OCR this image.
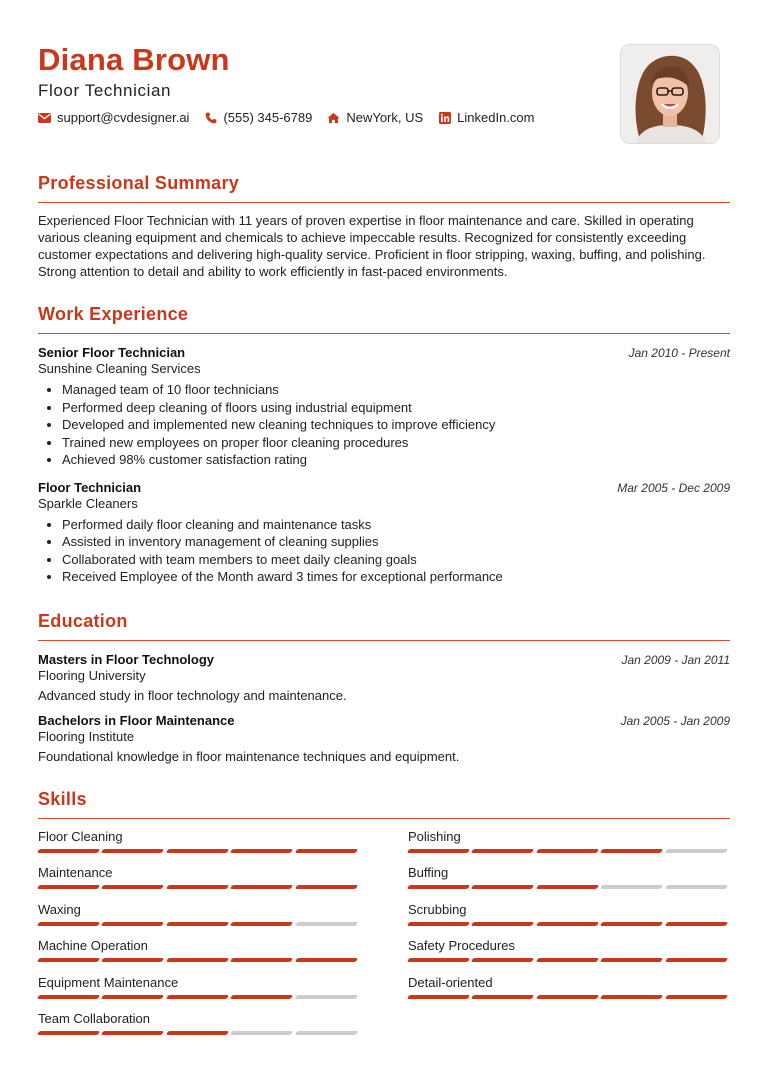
Diana Brown
Floor Technician
support@cvdesigner.ai	(555) 345-6789	NewYork, US	LinkedIn.com
Professional Summary
Experienced Floor Technician with 11 years of proven expertise in floor maintenance and care. Skilled in operating various cleaning equipment and chemicals to achieve impeccable results. Recognized for consistently exceeding customer expectations and delivering high-quality service. Proficient in floor stripping, waxing, buffing, and polishing. Strong attention to detail and ability to work efficiently in fast-paced environments.
Work Experience
Senior Floor Technician	Jan 2010 - Present
Sunshine Cleaning Services
• Managed team of 10 floor technicians
• Performed deep cleaning of floors using industrial equipment
• Developed and implemented new cleaning techniques to improve efficiency
• Trained new employees on proper floor cleaning procedures
• Achieved 98% customer satisfaction rating
Floor Technician	Mar 2005 - Dec 2009
Sparkle Cleaners
• Performed daily floor cleaning and maintenance tasks
• Assisted in inventory management of cleaning supplies
• Collaborated with team members to meet daily cleaning goals
• Received Employee of the Month award 3 times for exceptional performance
Education
Masters in Floor Technology	Jan 2009 - Jan 2011
Flooring University
Advanced study in floor technology and maintenance.
Bachelors in Floor Maintenance	Jan 2005 - Jan 2009
Flooring Institute
Foundational knowledge in floor maintenance techniques and equipment.
Skills
Floor Cleaning	Polishing
Maintenance	Buffing
Waxing	Scrubbing
Machine Operation	Safety Procedures
Equipment Maintenance	Detail-oriented
Team Collaboration
